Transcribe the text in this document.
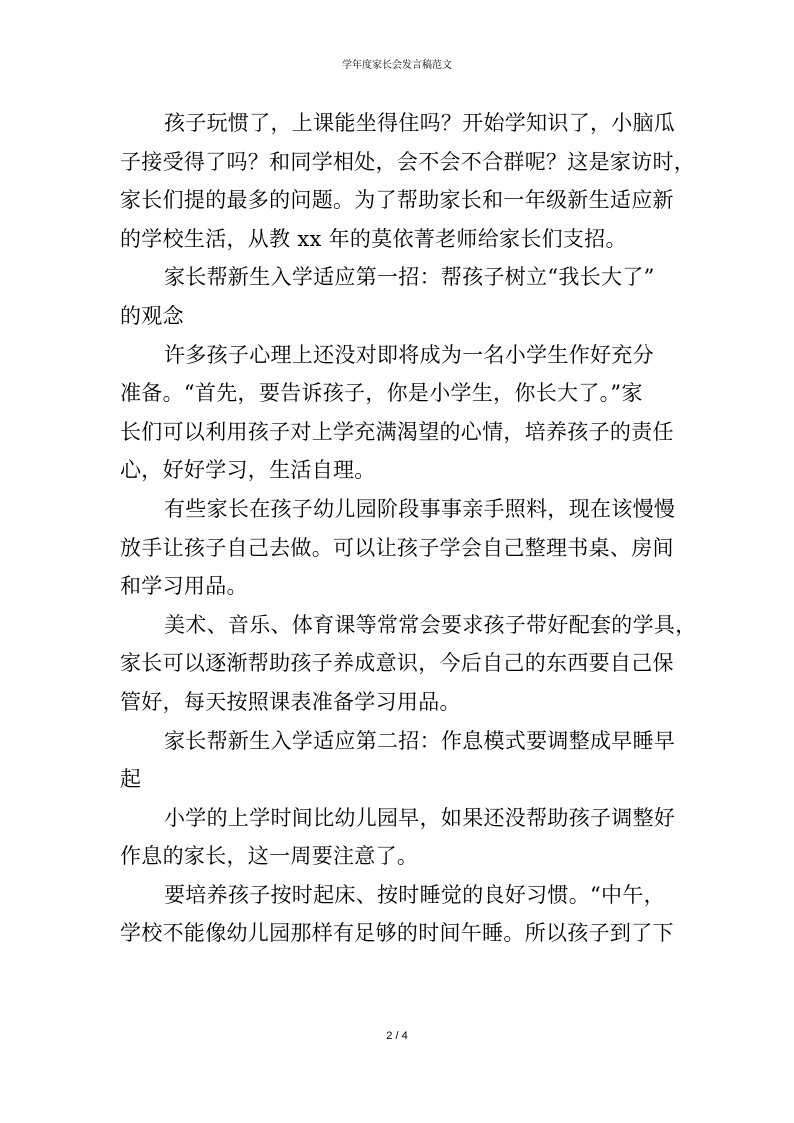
学年度家长会发言稿范文
孩子玩惯了，上课能坐得住吗？开始学知识了，小脑瓜
子接受得了吗？和同学相处，会不会不合群呢？这是家访时，
家长们提的最多的问题。为了帮助家长和一年级新生适应新
的学校生活，从教 xx 年的莫依菁老师给家长们支招。
家长帮新生入学适应第一招：帮孩子树立“我长大了”
的观念
许多孩子心理上还没对即将成为一名小学生作好充分
准备。“首先，要告诉孩子，你是小学生，你长大了。”家
长们可以利用孩子对上学充满渴望的心情，培养孩子的责任
心，好好学习，生活自理。
有些家长在孩子幼儿园阶段事事亲手照料，现在该慢慢
放手让孩子自己去做。可以让孩子学会自己整理书桌、房间
和学习用品。
美术、音乐、体育课等常常会要求孩子带好配套的学具，
家长可以逐渐帮助孩子养成意识，今后自己的东西要自己保
管好，每天按照课表准备学习用品。
家长帮新生入学适应第二招：作息模式要调整成早睡早
起
小学的上学时间比幼儿园早，如果还没帮助孩子调整好
作息的家长，这一周要注意了。
要培养孩子按时起床、按时睡觉的良好习惯。“中午，
学校不能像幼儿园那样有足够的时间午睡。所以孩子到了下
2 / 4
